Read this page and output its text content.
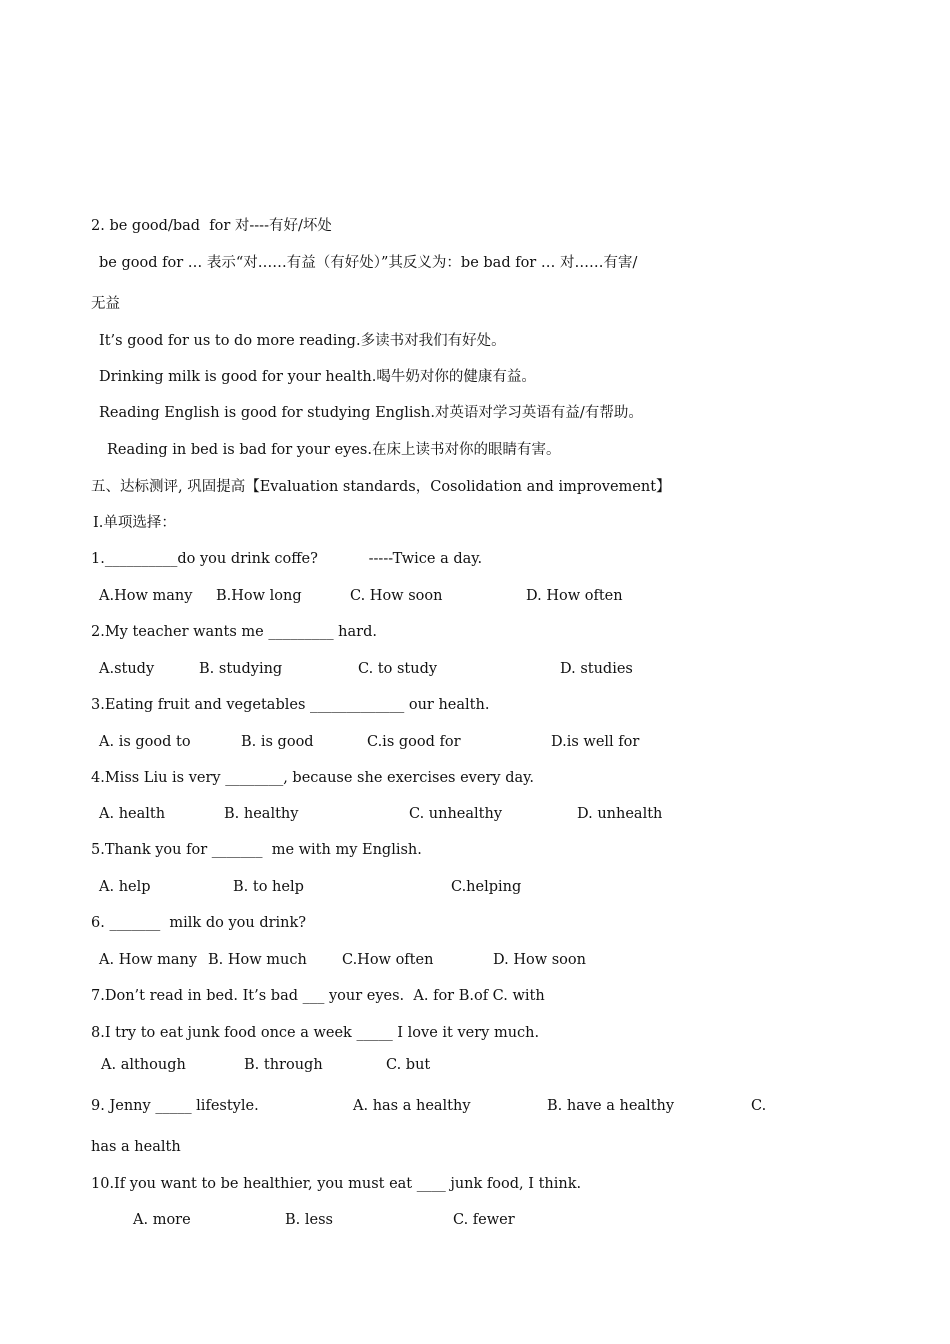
2. be good/bad  for 对----有好/坏处
be good for … 表示“对……有益（有好处）”其反义为：be bad for … 对……有害/
无益
It’s good for us to do more reading.多读书对我们有好处。
Drinking milk is good for your health.喝牛奶对你的健康有益。
Reading English is good for studying English.对英语对学习英语有益/有帮助。
Reading in bed is bad for your eyes.在床上读书对你的眼睛有害。
五、达标测评, 巩固提高【Evaluation standards，Cosolidation and improvement】
Ⅰ.单项选择：
1.__________do you drink coffe?           -----Twice a day.
A.How many B.How long	C. How soon	D. How often
2.My teacher wants me _________ hard.
A.study	B. studying	C. to study	D. studies
3.Eating fruit and vegetables _____________ our health.
A. is good to	B. is good	C.is good for	D.is well for
4.Miss Liu is very ________, because she exercises every day.
A. health	B. healthy	C. unhealthy	D. unhealth
5.Thank you for _______  me with my English.
A. help	B. to help	C.helping
6. _______  milk do you drink?
A. How many B. How much C.How often	D. How soon
7.Don’t read in bed. It’s bad ___ your eyes.  A. for B.of C. with
8.I try to eat junk food once a week _____ I love it very much.
A. although	B. through	C. but
9. Jenny _____ lifestyle.	A. has a healthy	B. have a healthy	C.
has a health
10.If you want to be healthier, you must eat ____ junk food, I think.
A. more	B. less	C. fewer
